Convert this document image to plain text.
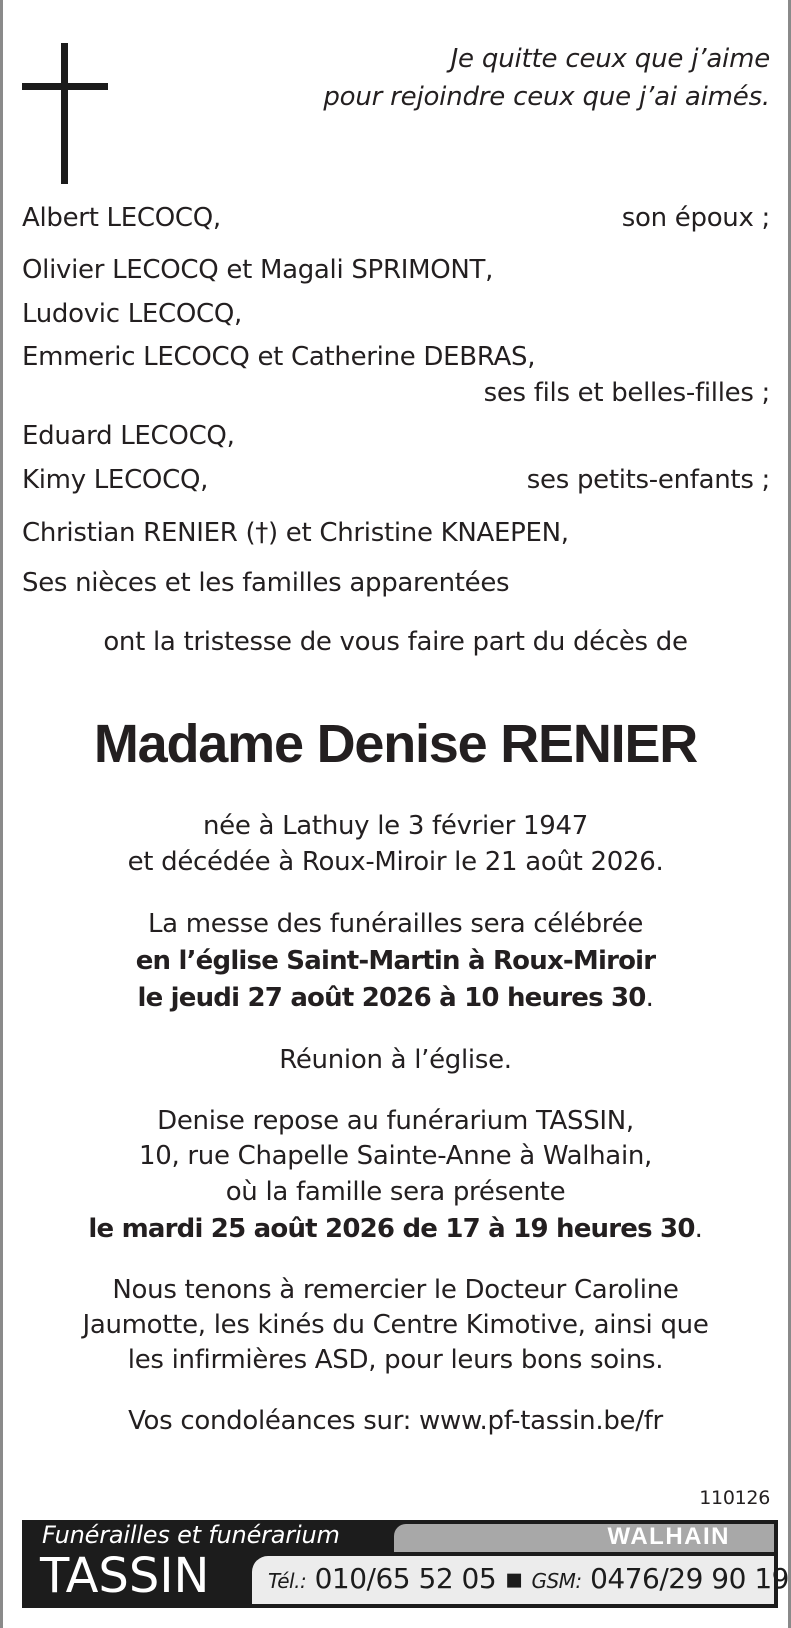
Je quitte ceux que j’aime
pour rejoindre ceux que j’ai aimés.
Albert LECOCQ,	son époux ;
Olivier LECOCQ et Magali SPRIMONT,
Ludovic LECOCQ,
Emmeric LECOCQ et Catherine DEBRAS,
ses fils et belles-filles ;
Eduard LECOCQ,
Kimy LECOCQ,	ses petits-enfants ;
Christian RENIER (†) et Christine KNAEPEN,
Ses nièces et les familles apparentées
ont la tristesse de vous faire part du décès de
Madame Denise RENIER
née à Lathuy le 3 février 1947
et décédée à Roux-Miroir le 21 août 2026.
La messe des funérailles sera célébrée
en l’église Saint-Martin à Roux-Miroir
le jeudi 27 août 2026 à 10 heures 30.
Réunion à l’église.
Denise repose au funérarium TASSIN,
10, rue Chapelle Sainte-Anne à Walhain,
où la famille sera présente
le mardi 25 août 2026 de 17 à 19 heures 30.
Nous tenons à remercier le Docteur Caroline
Jaumotte, les kinés du Centre Kimotive, ainsi que
les infirmières ASD, pour leurs bons soins.
Vos condoléances sur: www.pf-tassin.be/fr
110126
Funérailles et funérarium
TASSIN
WALHAIN
Tél.: 010/65 52 05 ▪ GSM: 0476/29 90 19
